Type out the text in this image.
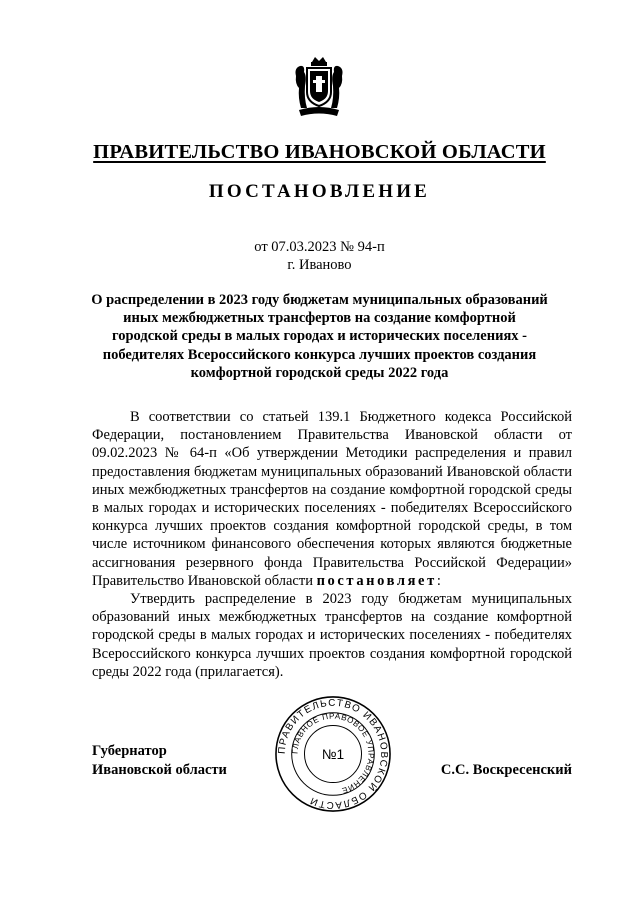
ПРАВИТЕЛЬСТВО ИВАНОВСКОЙ ОБЛАСТИ
ПОСТАНОВЛЕНИЕ
от 07.03.2023 № 94-п
г. Иваново
О распределении в 2023 году бюджетам муниципальных образований
иных межбюджетных трансфертов на создание комфортной
городской среды в малых городах и исторических поселениях -
победителях Всероссийского конкурса лучших проектов создания
комфортной городской среды 2022 года

В соответствии со статьей 139.1 Бюджетного кодекса Российской Федерации, постановлением Правительства Ивановской области от 09.02.2023 № 64-п «Об утверждении Методики распределения и правил предоставления бюджетам муниципальных образований Ивановской области иных межбюджетных трансфертов на создание комфортной городской среды в малых городах и исторических поселениях - победителях Всероссийского конкурса лучших проектов создания комфортной городской среды, в том числе источником финансового обеспечения которых являются бюджетные ассигнования резервного фонда Правительства Российской Федерации» Правительство Ивановской области постановляет:

Утвердить распределение в 2023 году бюджетам муниципальных образований иных межбюджетных трансфертов на создание комфортной городской среды в малых городах и исторических поселениях - победителях Всероссийского конкурса лучших проектов создания комфортной городской среды 2022 года (прилагается).

Губернатор
Ивановской области
ПРАВИТЕЛЬСТВО ИВАНОВСКОЙ ОБЛАСТИ
ГЛАВНОЕ ПРАВОВОЕ УПРАВЛЕНИЕ
№1
С.С. Воскресенский
